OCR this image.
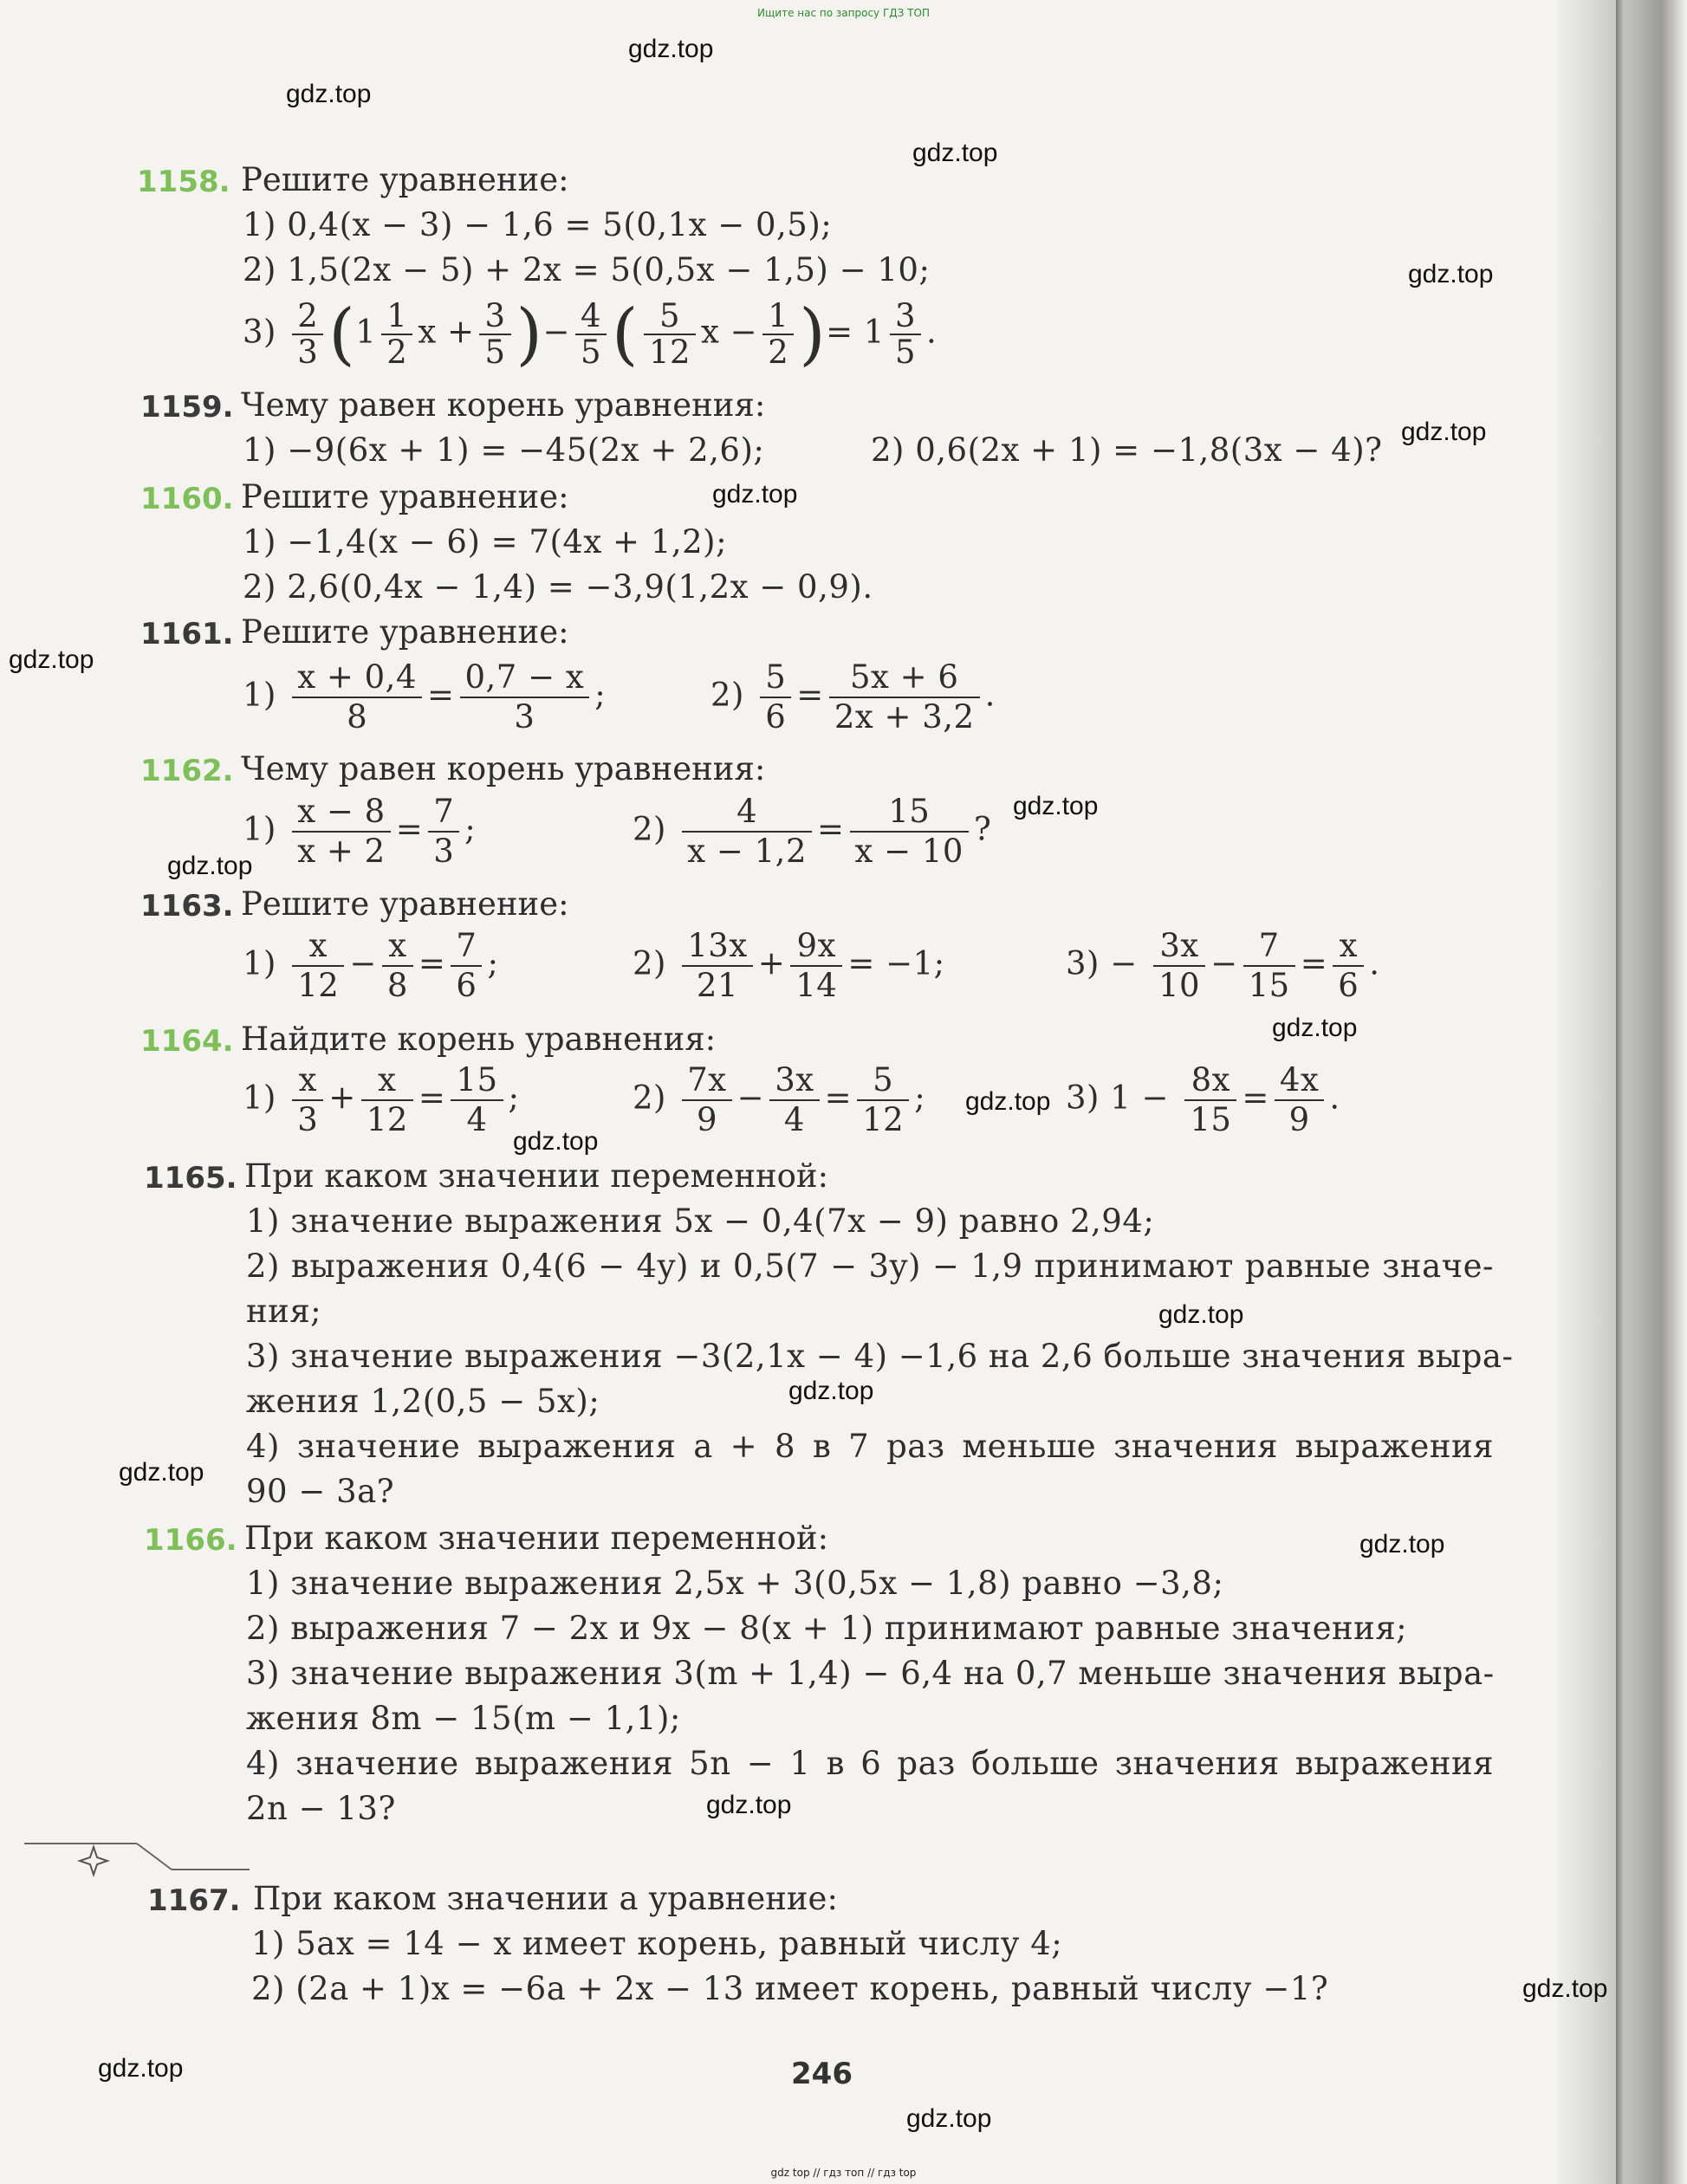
Ищите нас по запросу ГДЗ ТОП
gdz.top
gdz.top
gdz.top
gdz.top
gdz.top
gdz.top
gdz.top
gdz.top
gdz.top
gdz.top
gdz.top
gdz.top
gdz.top
gdz.top
gdz.top
gdz.top
gdz.top
gdz.top
gdz.top
gdz.top
1158. Решите уравнение:
1) 0,4(x − 3) − 1,6 = 5(0,1x − 0,5);
2) 1,5(2x − 5) + 2x = 5(0,5x − 1,5) − 10;
$3) \frac{2}{3} (1 \frac{1}{2}$ $x + \frac{3}{5}$ )− $\frac{4}{5}$ ( $\frac{5}{12}$ $x - \frac{1}{2}$ )= $1 \frac{3}{5}$ .
1159. Чему равен корень уравнения:
1) −9(6x + 1) = −45(2x + 2,6);	2) 0,6(2x + 1) = −1,8(3x − 4)?
1160. Решите уравнение:
1) −1,4(x − 6) = 7(4x + 1,2);
2) 2,6(0,4x − 1,4) = −3,9(1,2x − 0,9).
1161. Решите уравнение:
$1) \frac{x + 0,4}{8} = \frac{0,7 - x}{3}$ ;	$2) \frac{5}{6} = \frac{5x + 6}{2x + 3,2}$ .
1162. Чему равен корень уравнения:
$1) \frac{x - 8}{x + 2} = \frac{7}{3}$ ;	$2) \frac{4}{x - 1,2} = \frac{15}{x - 10}$ ?
1163. Решите уравнение:
$1) \frac{x}{12} - \frac{x}{8} = \frac{7}{6}$ ;	$2) \frac{13x}{21} + \frac{9x}{14} = -1$;	$3) - \frac{3x}{10} - \frac{7}{15} = \frac{x}{6}$ .
1164. Найдите корень уравнения:
$1) \frac{x}{3} + \frac{x}{12} = \frac{15}{4}$ ;	$2) \frac{7x}{9} - \frac{3x}{4} = \frac{5}{12}$ ;	3) $1 - \frac{8x}{15} = \frac{4x}{9}$ .
1165. При каком значении переменной:
1) значение выражения 5x − 0,4(7x − 9) равно 2,94;
2) выражения 0,4(6 − 4y) и 0,5(7 − 3y) − 1,9 принимают равные значе-
ния;
3) значение выражения −3(2,1x − 4) −1,6 на 2,6 больше значения выра-
жения 1,2(0,5 − 5x);
4) значение выражения a + 8 в 7 раз меньше значения выражения
90 − 3a?
1166. При каком значении переменной:
1) значение выражения 2,5x + 3(0,5x − 1,8) равно −3,8;
2) выражения 7 − 2x и 9x − 8(x + 1) принимают равные значения;
3) значение выражения 3(m + 1,4) − 6,4 на 0,7 меньше значения выра-
жения 8m − 15(m − 1,1);
4) значение выражения 5n − 1 в 6 раз больше значения выражения
2n − 13?
1167. При каком значении a уравнение:
1) 5ax = 14 − x имеет корень, равный числу 4;
2) (2a + 1)x = −6a + 2x − 13 имеет корень, равный числу −1?
246
gdz top // гдз топ // гдз top
